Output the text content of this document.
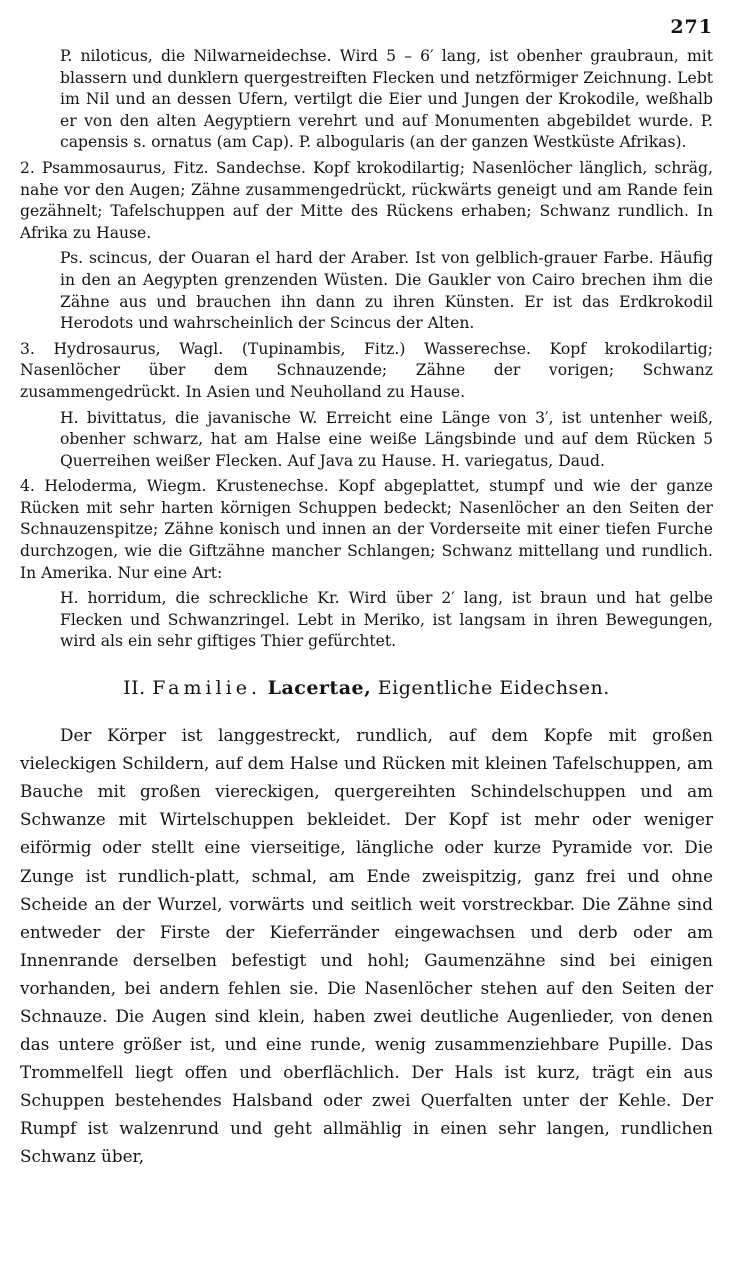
271

P. niloticus, die Nilwarneidechse. Wird 5 – 6′ lang, ist obenher graubraun, mit blassern und dunklern quergestreiften Flecken und netzförmiger Zeichnung. Lebt im Nil und an dessen Ufern, vertilgt die Eier und Jungen der Krokodile, weßhalb er von den alten Aegyptiern verehrt und auf Monumenten abgebildet wurde. P. capensis s. ornatus (am Cap). P. albogularis (an der ganzen Westküste Afrikas).

2. Psammosaurus, Fitz. Sandechse. Kopf krokodilartig; Nasenlöcher länglich, schräg, nahe vor den Augen; Zähne zusammengedrückt, rückwärts geneigt und am Rande fein gezähnelt; Tafelschuppen auf der Mitte des Rückens erhaben; Schwanz rundlich. In Afrika zu Hause.

Ps. scincus, der Ouaran el hard der Araber. Ist von gelblich-grauer Farbe. Häufig in den an Aegypten grenzenden Wüsten. Die Gaukler von Cairo brechen ihm die Zähne aus und brauchen ihn dann zu ihren Künsten. Er ist das Erdkrokodil Herodots und wahrscheinlich der Scincus der Alten.

3. Hydrosaurus, Wagl. (Tupinambis, Fitz.) Wasserechse. Kopf krokodilartig; Nasenlöcher über dem Schnauzende; Zähne der vorigen; Schwanz zusammengedrückt. In Asien und Neuholland zu Hause.

H. bivittatus, die javanische W. Erreicht eine Länge von 3′, ist untenher weiß, obenher schwarz, hat am Halse eine weiße Längsbinde und auf dem Rücken 5 Querreihen weißer Flecken. Auf Java zu Hause. H. variegatus, Daud.

4. Heloderma, Wiegm. Krustenechse. Kopf abgeplattet, stumpf und wie der ganze Rücken mit sehr harten körnigen Schuppen bedeckt; Nasenlöcher an den Seiten der Schnauzenspitze; Zähne konisch und innen an der Vorderseite mit einer tiefen Furche durchzogen, wie die Giftzähne mancher Schlangen; Schwanz mittellang und rundlich. In Amerika. Nur eine Art:

H. horridum, die schreckliche Kr. Wird über 2′ lang, ist braun und hat gelbe Flecken und Schwanzringel. Lebt in Meriko, ist langsam in ihren Bewegungen, wird als ein sehr giftiges Thier gefürchtet.

II. Familie. Lacertae, Eigentliche Eidechsen.

Der Körper ist langgestreckt, rundlich, auf dem Kopfe mit großen vieleckigen Schildern, auf dem Halse und Rücken mit kleinen Tafelschuppen, am Bauche mit großen viereckigen, quergereihten Schindelschuppen und am Schwanze mit Wirtelschuppen bekleidet. Der Kopf ist mehr oder weniger eiförmig oder stellt eine vierseitige, längliche oder kurze Pyramide vor. Die Zunge ist rundlich-platt, schmal, am Ende zweispitzig, ganz frei und ohne Scheide an der Wurzel, vorwärts und seitlich weit vorstreckbar. Die Zähne sind entweder der Firste der Kieferränder eingewachsen und derb oder am Innenrande derselben befestigt und hohl; Gaumenzähne sind bei einigen vorhanden, bei andern fehlen sie. Die Nasenlöcher stehen auf den Seiten der Schnauze. Die Augen sind klein, haben zwei deutliche Augenlieder, von denen das untere größer ist, und eine runde, wenig zusammenziehbare Pupille. Das Trommelfell liegt offen und oberflächlich. Der Hals ist kurz, trägt ein aus Schuppen bestehendes Halsband oder zwei Querfalten unter der Kehle. Der Rumpf ist walzenrund und geht allmählig in einen sehr langen, rundlichen Schwanz über,
